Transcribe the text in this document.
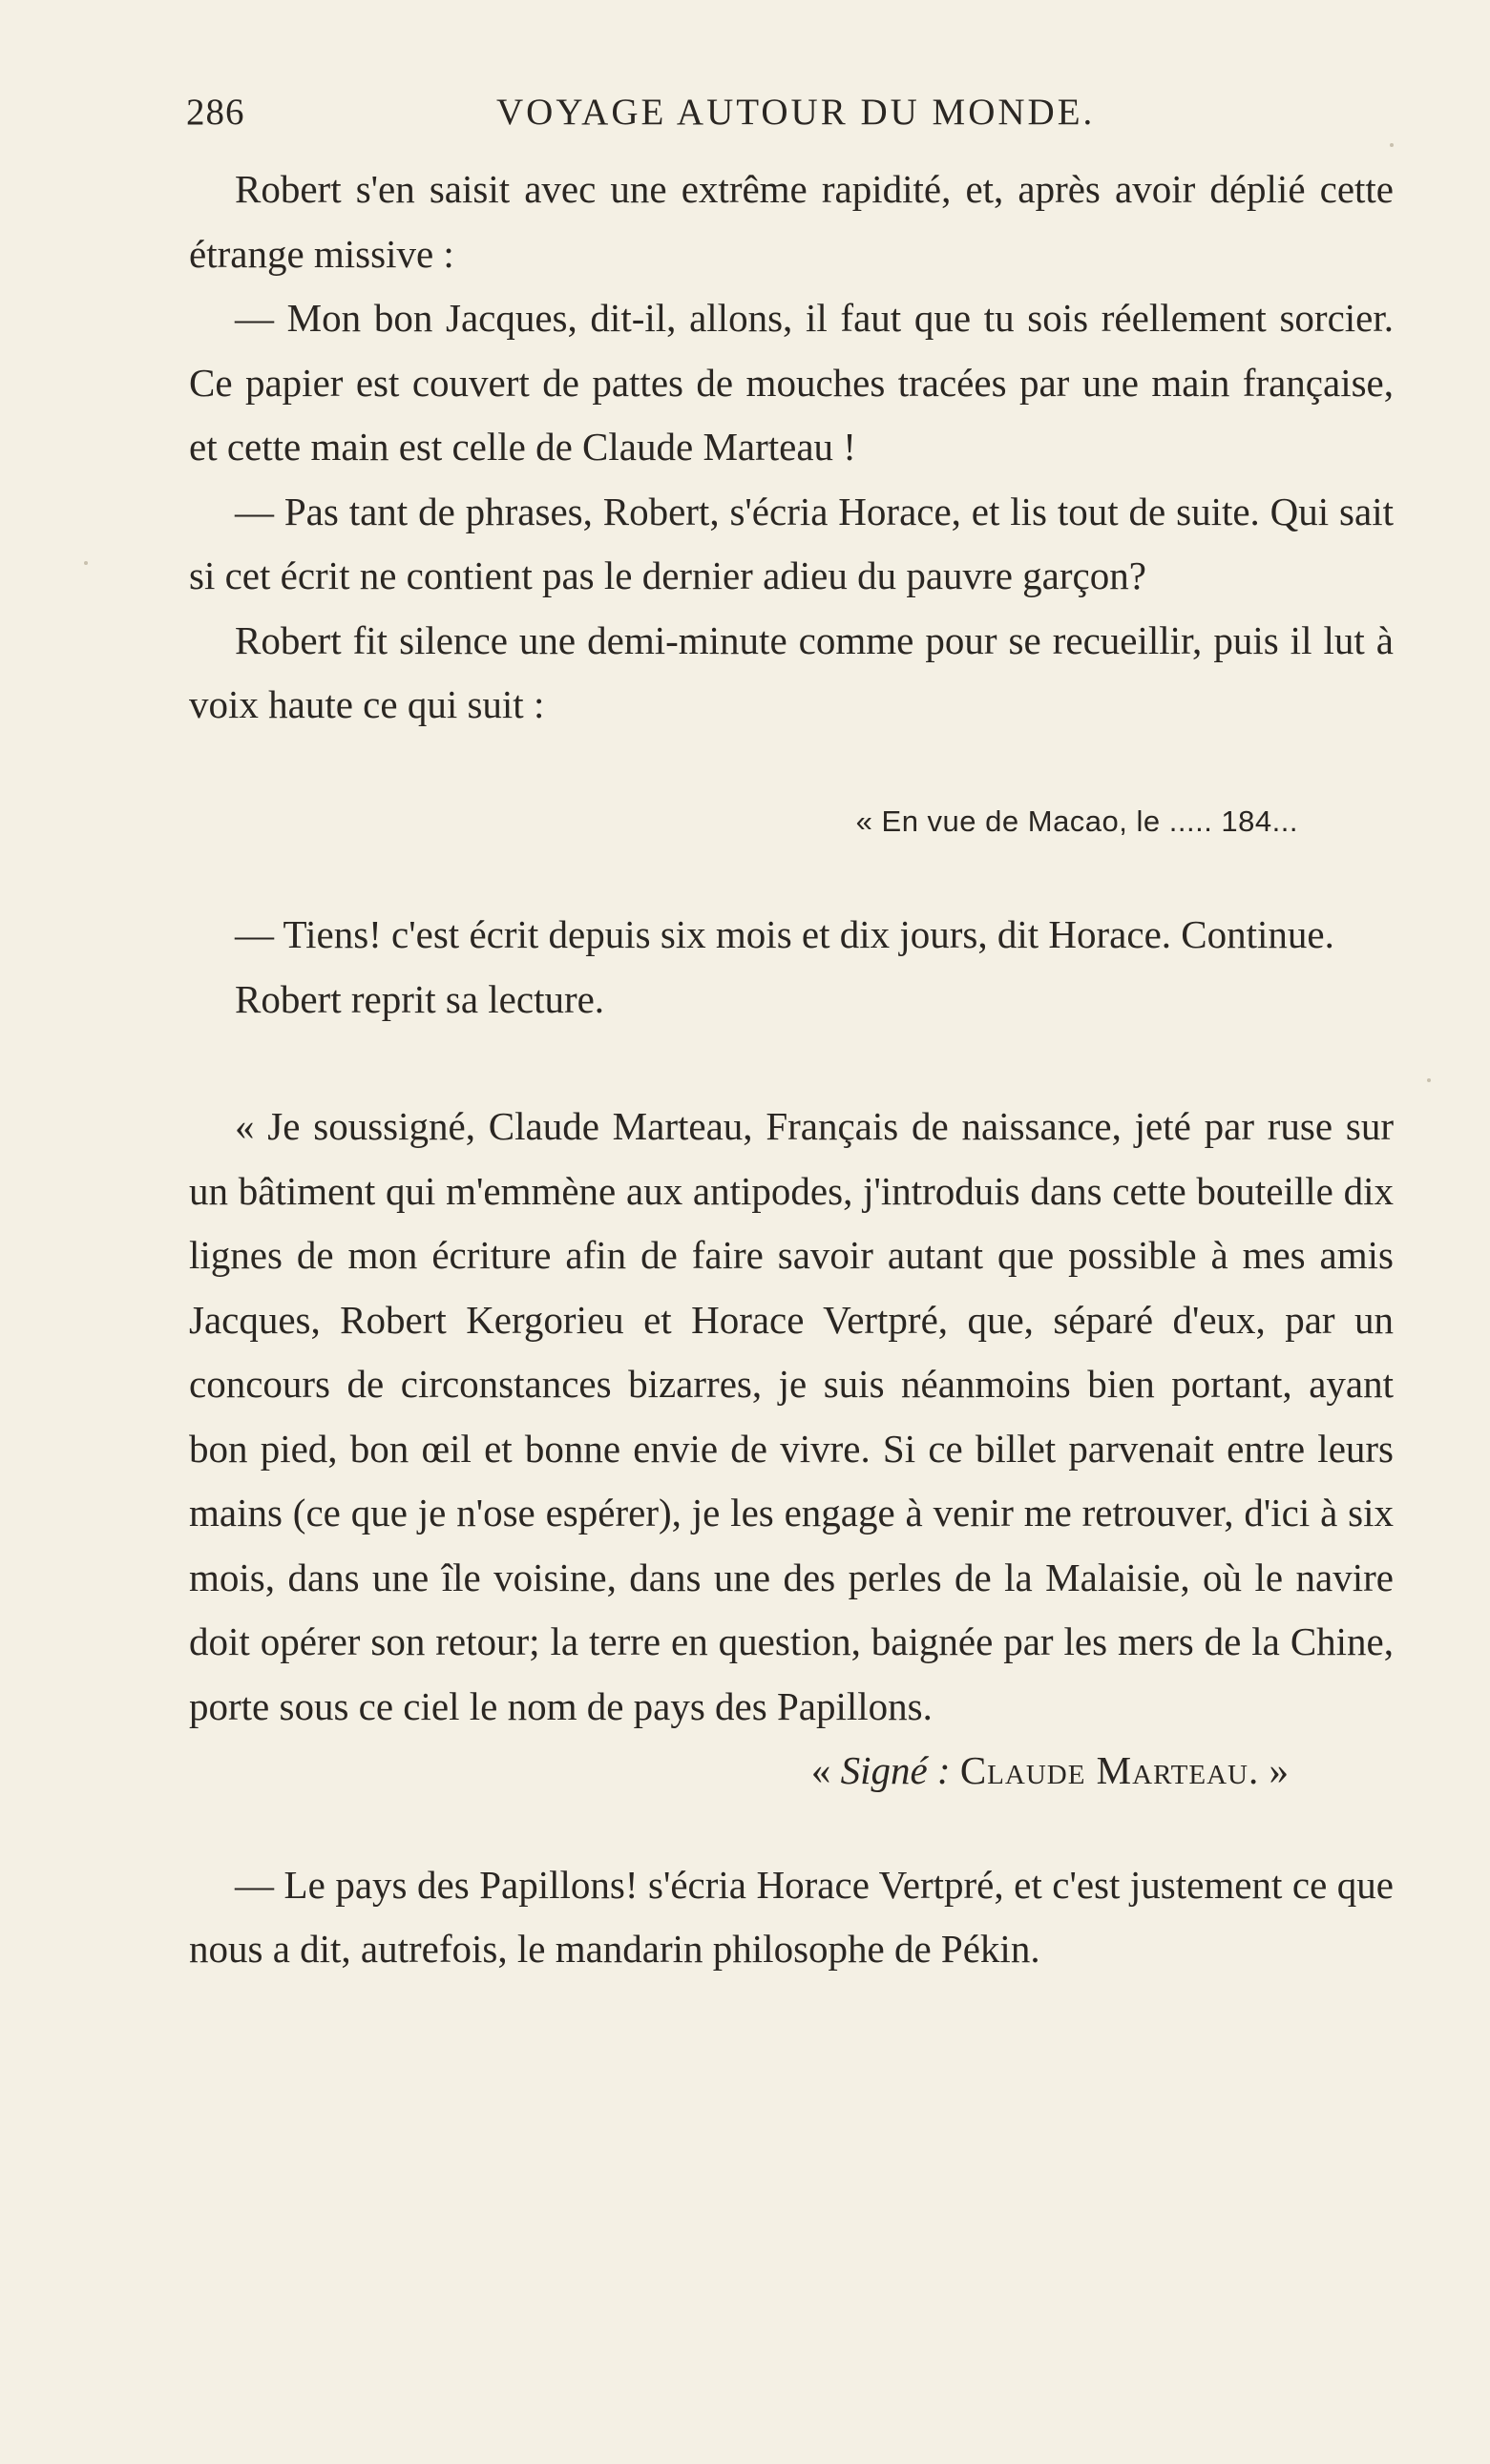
286	VOYAGE AUTOUR DU MONDE.

Robert s'en saisit avec une extrême rapidité, et, après avoir déplié cette étrange missive :

— Mon bon Jacques, dit-il, allons, il faut que tu sois réellement sorcier. Ce papier est couvert de pattes de mouches tracées par une main française, et cette main est celle de Claude Marteau !

— Pas tant de phrases, Robert, s'écria Horace, et lis tout de suite. Qui sait si cet écrit ne contient pas le dernier adieu du pauvre garçon?

Robert fit silence une demi-minute comme pour se recueillir, puis il lut à voix haute ce qui suit :

« En vue de Macao, le ..... 184...

— Tiens! c'est écrit depuis six mois et dix jours, dit Horace. Continue.

Robert reprit sa lecture.

« Je soussigné, Claude Marteau, Français de naissance, jeté par ruse sur un bâtiment qui m'emmène aux antipodes, j'introduis dans cette bouteille dix lignes de mon écriture afin de faire savoir autant que possible à mes amis Jacques, Robert Kergorieu et Horace Vertpré, que, séparé d'eux, par un concours de circonstances bizarres, je suis néanmoins bien portant, ayant bon pied, bon œil et bonne envie de vivre. Si ce billet parvenait entre leurs mains (ce que je n'ose espérer), je les engage à venir me retrouver, d'ici à six mois, dans une île voisine, dans une des perles de la Malaisie, où le navire doit opérer son retour; la terre en question, baignée par les mers de la Chine, porte sous ce ciel le nom de pays des Papillons.

« Signé : Claude Marteau. »

— Le pays des Papillons! s'écria Horace Vertpré, et c'est justement ce que nous a dit, autrefois, le mandarin philosophe de Pékin.
